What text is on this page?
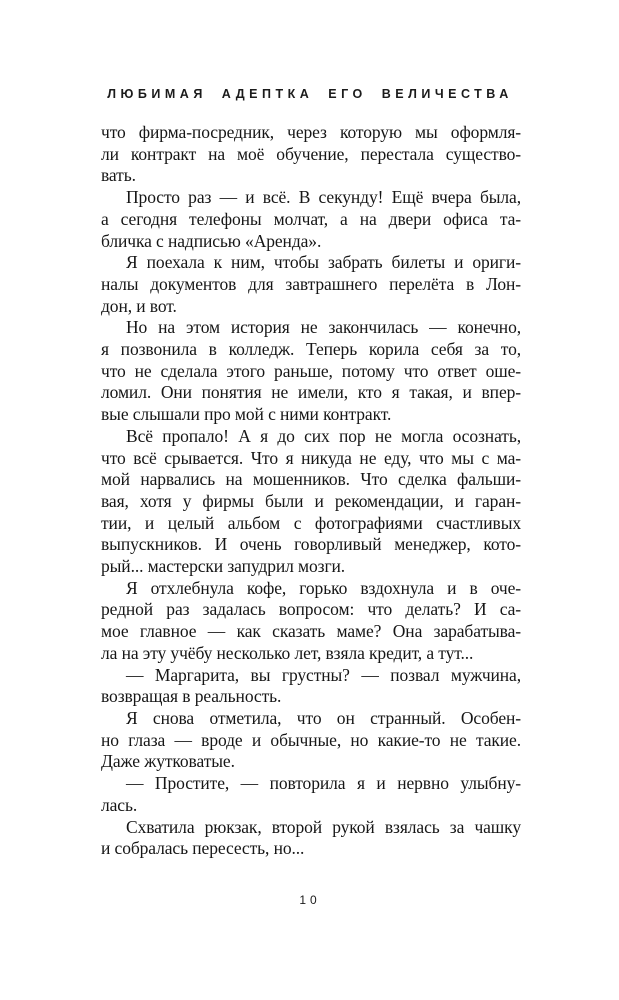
ЛЮБИМАЯ АДЕПТКА ЕГО ВЕЛИЧЕСТВА
что фирма-посредник, через которую мы оформля-
ли контракт на моё обучение, перестала существо-
вать.
Просто раз — и всё. В секунду! Ещё вчера была,
а сегодня телефоны молчат, а на двери офиса та-
бличка с надписью «Аренда».
Я поехала к ним, чтобы забрать билеты и ориги-
налы документов для завтрашнего перелёта в Лон-
дон, и вот.
Но на этом история не закончилась — конечно,
я позвонила в колледж. Теперь корила себя за то,
что не сделала этого раньше, потому что ответ оше-
ломил. Они понятия не имели, кто я такая, и впер-
вые слышали про мой с ними контракт.
Всё пропало! А я до сих пор не могла осознать,
что всё срывается. Что я никуда не еду, что мы с ма-
мой нарвались на мошенников. Что сделка фальши-
вая, хотя у фирмы были и рекомендации, и гаран-
тии, и целый альбом с фотографиями счастливых
выпускников. И очень говорливый менеджер, кото-
рый... мастерски запудрил мозги.
Я отхлебнула кофе, горько вздохнула и в оче-
редной раз задалась вопросом: что делать? И са-
мое главное — как сказать маме? Она зарабатыва-
ла на эту учёбу несколько лет, взяла кредит, а тут...
— Маргарита, вы грустны? — позвал мужчина,
возвращая в реальность.
Я снова отметила, что он странный. Особен-
но глаза — вроде и обычные, но какие-то не такие.
Даже жутковатые.
— Простите, — повторила я и нервно улыбну-
лась.
Схватила рюкзак, второй рукой взялась за чашку
и собралась пересесть, но...
10
